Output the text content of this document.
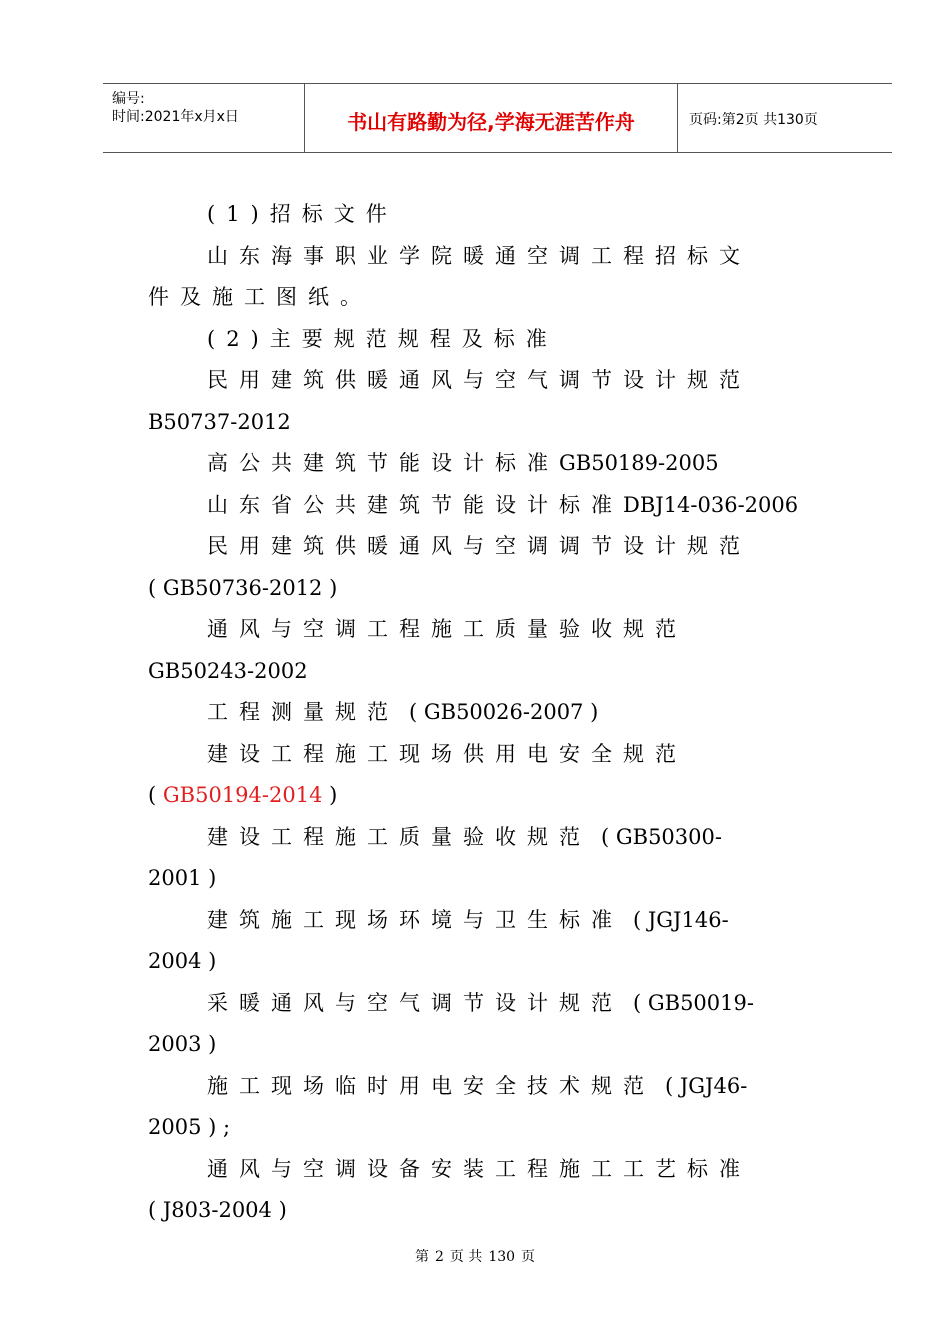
编号:
时间:2021年x月x日	书山有路勤为径,学海无涯苦作舟	页码:第2页 共130页
(1)招标文件
山东海事职业学院暖通空调工程招标文
件及施工图纸。
(2)主要规范规程及标准
民用建筑供暖通风与空气调节设计规范
B50737-2012
高公共建筑节能设计标准GB50189-2005
山东省公共建筑节能设计标准DBJ14-036-2006
民用建筑供暖通风与空调调节设计规范
( GB50736-2012 )
通风与空调工程施工质量验收规范
GB50243-2002
工程测量规范 ( GB50026-2007 )
建设工程施工现场供用电安全规范
( GB50194-2014 )
建设工程施工质量验收规范 ( GB50300-
2001 )
建筑施工现场环境与卫生标准 ( JGJ146-
2004 )
采暖通风与空气调节设计规范 ( GB50019-
2003 )
施工现场临时用电安全技术规范 ( JGJ46-
2005 ) ;
通风与空调设备安装工程施工工艺标准
( J803-2004 )
第 2 页 共 130 页
